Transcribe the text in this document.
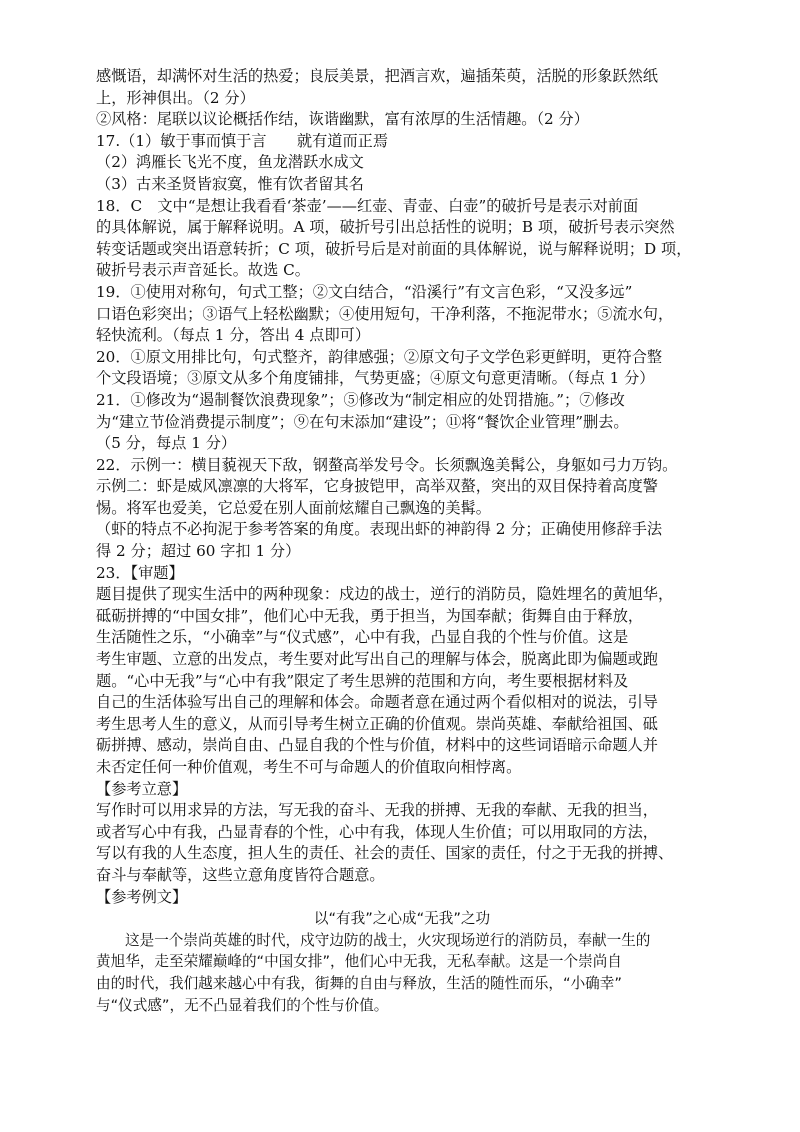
感慨语，却满怀对生活的热爱；良辰美景，把酒言欢，遍插茱萸，活脱的形象跃然纸
上，形神俱出。（2 分）
②风格：尾联以议论概括作结，诙谐幽默，富有浓厚的生活情趣。（2 分）
17.（1）敏于事而慎于言　　就有道而正焉
（2）鸿雁长飞光不度，鱼龙潜跃水成文
（3）古来圣贤皆寂寞，惟有饮者留其名
18．C　文中“是想让我看看‘茶壶’——红壶、青壶、白壶”的破折号是表示对前面
的具体解说，属于解释说明。A 项，破折号引出总括性的说明；B 项，破折号表示突然
转变话题或突出语意转折；C 项，破折号后是对前面的具体解说，说与解释说明；D 项，
破折号表示声音延长。故选 C。
19．①使用对称句，句式工整；②文白结合，“沿溪行”有文言色彩，“又没多远”
口语色彩突出；③语气上轻松幽默；④使用短句，干净利落，不拖泥带水；⑤流水句，
轻快流利。（每点 1 分，答出 4 点即可）
20．①原文用排比句，句式整齐，韵律感强；②原文句子文学色彩更鲜明，更符合整
个文段语境；③原文从多个角度铺排，气势更盛；④原文句意更清晰。（每点 1 分）
21．①修改为“遏制餐饮浪费现象”；⑤修改为“制定相应的处罚措施。”；⑦修改
为“建立节俭消费提示制度”；⑨在句末添加“建设”；⑪将“餐饮企业管理”删去。
（5 分，每点 1 分）
22．示例一：横目藐视天下敌，钢螯高举发号令。长须飘逸美髯公，身躯如弓力万钧。
示例二：虾是威风凛凛的大将军，它身披铠甲，高举双螯，突出的双目保持着高度警
惕。将军也爱美，它总爱在别人面前炫耀自己飘逸的美髯。
（虾的特点不必拘泥于参考答案的角度。表现出虾的神韵得 2 分；正确使用修辞手法
得 2 分；超过 60 字扣 1 分）
23．【审题】
题目提供了现实生活中的两种现象：戍边的战士，逆行的消防员，隐姓埋名的黄旭华，
砥砺拼搏的“中国女排”，他们心中无我，勇于担当，为国奉献；街舞自由于释放，
生活随性之乐，“小确幸”与“仪式感”，心中有我，凸显自我的个性与价值。这是
考生审题、立意的出发点，考生要对此写出自己的理解与体会，脱离此即为偏题或跑
题。“心中无我”与“心中有我”限定了考生思辨的范围和方向，考生要根据材料及
自己的生活体验写出自己的理解和体会。命题者意在通过两个看似相对的说法，引导
考生思考人生的意义，从而引导考生树立正确的价值观。崇尚英雄、奉献给祖国、砥
砺拼搏、感动，崇尚自由、凸显自我的个性与价值，材料中的这些词语暗示命题人并
未否定任何一种价值观，考生不可与命题人的价值取向相悖离。
【参考立意】
写作时可以用求异的方法，写无我的奋斗、无我的拼搏、无我的奉献、无我的担当，
或者写心中有我，凸显青春的个性，心中有我，体现人生价值；可以用取同的方法，
写以有我的人生态度，担人生的责任、社会的责任、国家的责任，付之于无我的拼搏、
奋斗与奉献等，这些立意角度皆符合题意。
【参考例文】
以“有我”之心成“无我”之功
这是一个崇尚英雄的时代，戍守边防的战士，火灾现场逆行的消防员，奉献一生的
黄旭华，走至荣耀巅峰的“中国女排”，他们心中无我，无私奉献。这是一个崇尚自
由的时代，我们越来越心中有我，街舞的自由与释放，生活的随性而乐，“小确幸”
与“仪式感”，无不凸显着我们的个性与价值。
